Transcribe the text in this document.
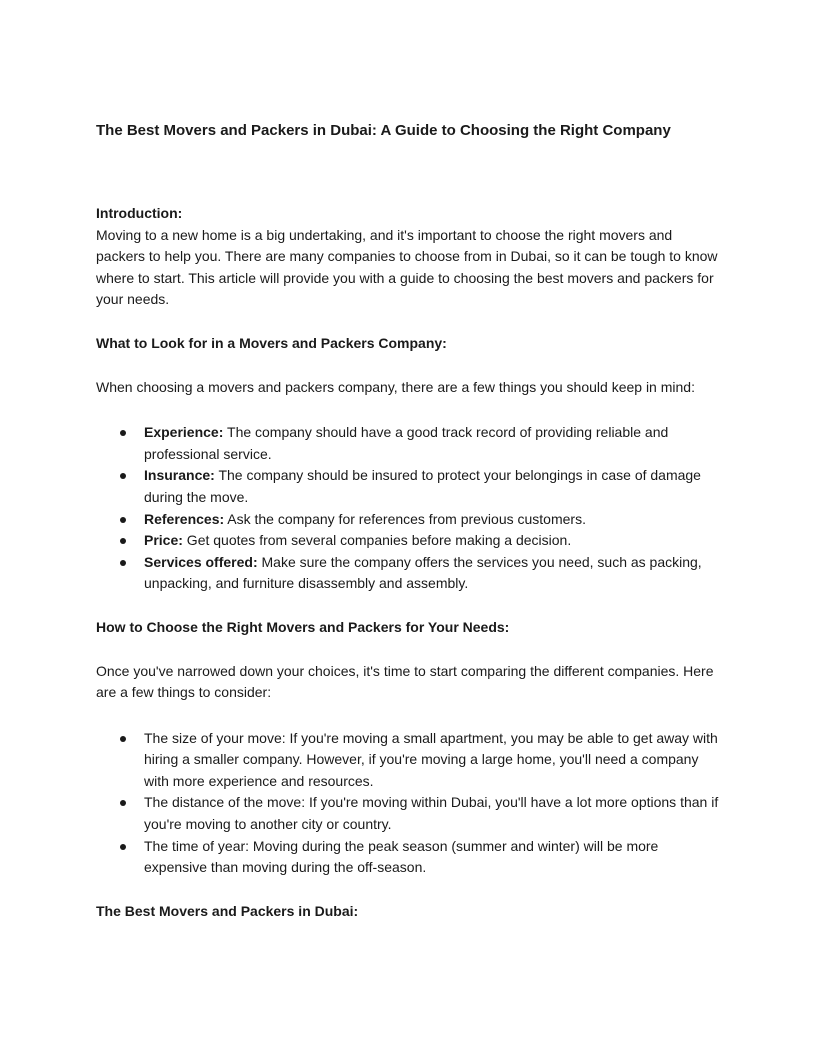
The Best Movers and Packers in Dubai: A Guide to Choosing the Right Company

Introduction:

Moving to a new home is a big undertaking, and it's important to choose the right movers and packers to help you. There are many companies to choose from in Dubai, so it can be tough to know where to start. This article will provide you with a guide to choosing the best movers and packers for your needs.

What to Look for in a Movers and Packers Company:

When choosing a movers and packers company, there are a few things you should keep in mind:

Experience: The company should have a good track record of providing reliable and professional service.
Insurance: The company should be insured to protect your belongings in case of damage during the move.
References: Ask the company for references from previous customers.
Price: Get quotes from several companies before making a decision.
Services offered: Make sure the company offers the services you need, such as packing, unpacking, and furniture disassembly and assembly.

How to Choose the Right Movers and Packers for Your Needs:

Once you've narrowed down your choices, it's time to start comparing the different companies. Here are a few things to consider:

The size of your move: If you're moving a small apartment, you may be able to get away with hiring a smaller company. However, if you're moving a large home, you'll need a company with more experience and resources.
The distance of the move: If you're moving within Dubai, you'll have a lot more options than if you're moving to another city or country.
The time of year: Moving during the peak season (summer and winter) will be more expensive than moving during the off-season.

The Best Movers and Packers in Dubai:
